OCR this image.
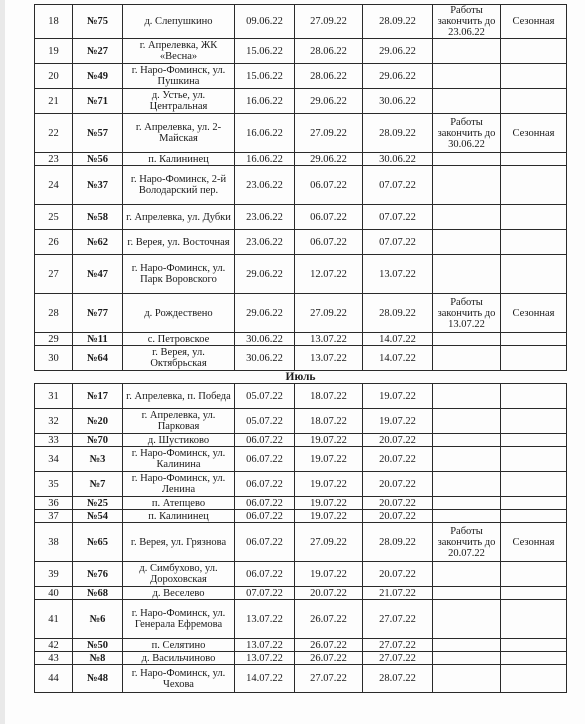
18	№75	д. Слепушкино	09.06.22	27.09.22	28.09.22	Работы закончить до 23.06.22	Сезонная
19	№27	г. Апрелевка, ЖК «Весна»	15.06.22	28.06.22	29.06.22		
20	№49	г. Наро-Фоминск, ул. Пушкина	15.06.22	28.06.22	29.06.22		
21	№71	д. Устье, ул. Центральная	16.06.22	29.06.22	30.06.22		
22	№57	г. Апрелевка, ул. 2-Майская	16.06.22	27.09.22	28.09.22	Работы закончить до 30.06.22	Сезонная
23	№56	п. Калининец	16.06.22	29.06.22	30.06.22		
24	№37	г. Наро-Фоминск, 2-й Володарский пер.	23.06.22	06.07.22	07.07.22		
25	№58	г. Апрелевка, ул. Дубки	23.06.22	06.07.22	07.07.22		
26	№62	г. Верея, ул. Восточная	23.06.22	06.07.22	07.07.22		
27	№47	г. Наро-Фоминск, ул. Парк Воровского	29.06.22	12.07.22	13.07.22		
28	№77	д. Рождествено	29.06.22	27.09.22	28.09.22	Работы закончить до 13.07.22	Сезонная
29	№11	с. Петровское	30.06.22	13.07.22	14.07.22		
30	№64	г. Верея, ул. Октябрьская	30.06.22	13.07.22	14.07.22		
Июль							
31	№17	г. Апрелевка, п. Победа	05.07.22	18.07.22	19.07.22		
32	№20	г. Апрелевка, ул. Парковая	05.07.22	18.07.22	19.07.22		
33	№70	д. Шустиково	06.07.22	19.07.22	20.07.22		
34	№3	г. Наро-Фоминск, ул. Калинина	06.07.22	19.07.22	20.07.22		
35	№7	г. Наро-Фоминск, ул. Ленина	06.07.22	19.07.22	20.07.22		
36	№25	п. Атепцево	06.07.22	19.07.22	20.07.22		
37	№54	п. Калининец	06.07.22	19.07.22	20.07.22		
38	№65	г. Верея, ул. Грязнова	06.07.22	27.09.22	28.09.22	Работы закончить до 20.07.22	Сезонная
39	№76	д. Симбухово, ул. Дороховская	06.07.22	19.07.22	20.07.22		
40	№68	д. Веселево	07.07.22	20.07.22	21.07.22		
41	№6	г. Наро-Фоминск, ул. Генерала Ефремова	13.07.22	26.07.22	27.07.22		
42	№50	п. Селятино	13.07.22	26.07.22	27.07.22		
43	№8	д. Васильчиново	13.07.22	26.07.22	27.07.22		
44	№48	г. Наро-Фоминск, ул. Чехова	14.07.22	27.07.22	28.07.22		
